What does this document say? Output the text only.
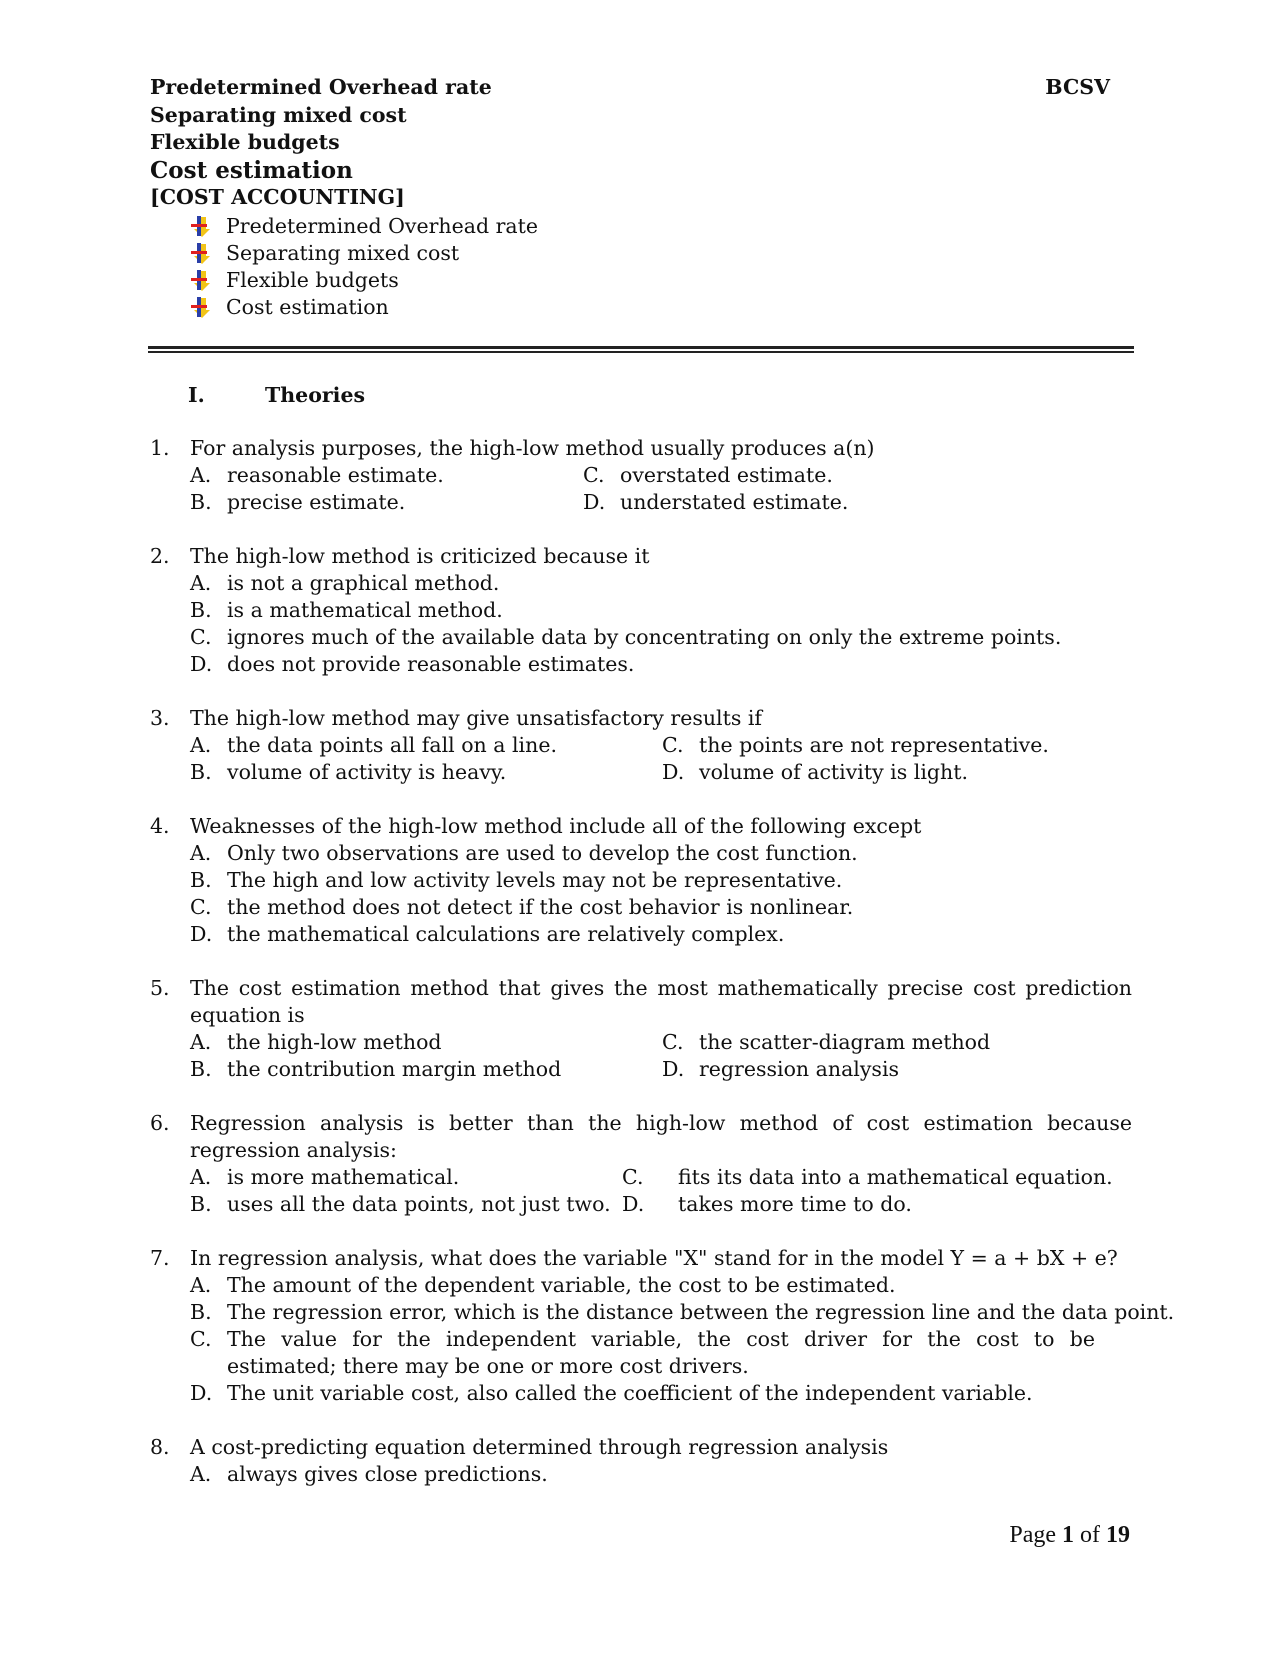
Predetermined Overhead rate
Separating mixed cost
Flexible budgets
Cost estimation
[COST ACCOUNTING]
BCSV
Predetermined Overhead rate
Separating mixed cost
Flexible budgets
Cost estimation
I.	Theories
1. For analysis purposes, the high-low method usually produces a(n)
A. reasonable estimate.	C. overstated estimate.
B. precise estimate.	D. understated estimate.
2. The high-low method is criticized because it
A. is not a graphical method.
B. is a mathematical method.
C. ignores much of the available data by concentrating on only the extreme points.
D. does not provide reasonable estimates.
3. The high-low method may give unsatisfactory results if
A. the data points all fall on a line.	C. the points are not representative.
B. volume of activity is heavy.	D. volume of activity is light.
4. Weaknesses of the high-low method include all of the following except
A. Only two observations are used to develop the cost function.
B. The high and low activity levels may not be representative.
C. the method does not detect if the cost behavior is nonlinear.
D. the mathematical calculations are relatively complex.
5. The cost estimation method that gives the most mathematically precise cost prediction equation is
A. the high-low method	C. the scatter-diagram method
B. the contribution margin method	D. regression analysis
6. Regression analysis is better than the high-low method of cost estimation because regression analysis:
A. is more mathematical.	C.	fits its data into a mathematical equation.
B. uses all the data points, not just two. D.	takes more time to do.
7. In regression analysis, what does the variable "X" stand for in the model Y = a + bX + e?
A. The amount of the dependent variable, the cost to be estimated.
B. The regression error, which is the distance between the regression line and the data point.
C. The value for the independent variable, the cost driver for the cost to be estimated; there may be one or more cost drivers.
D. The unit variable cost, also called the coefficient of the independent variable.
8. A cost-predicting equation determined through regression analysis
A. always gives close predictions.
Page 1 of 19
